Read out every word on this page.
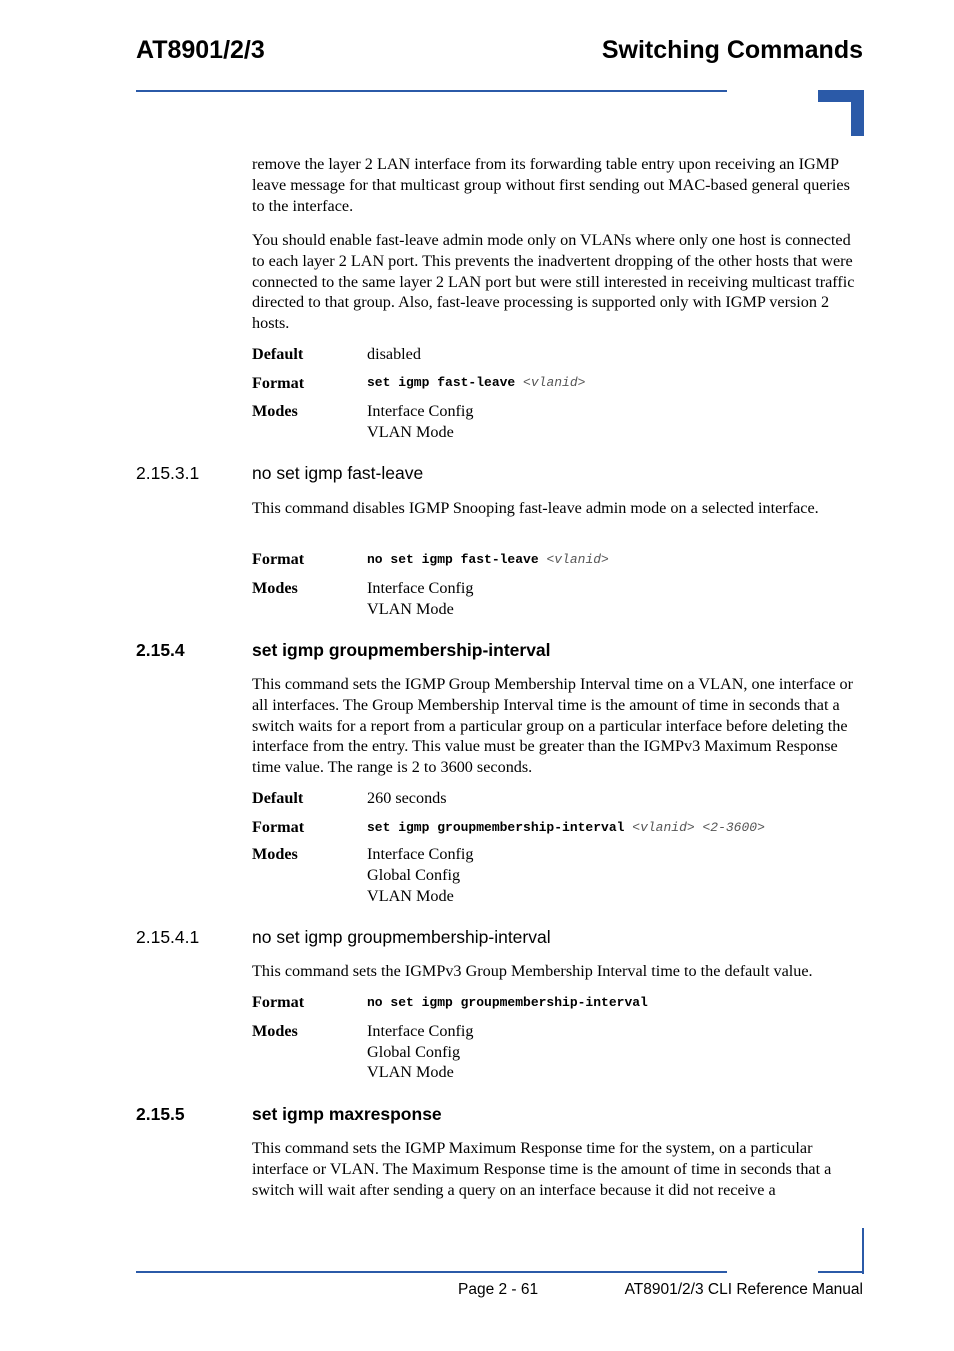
AT8901/2/3	Switching Commands

remove the layer 2 LAN interface from its forwarding table entry upon receiving an IGMP leave message for that multicast group without first sending out MAC-based general queries to the interface.

You should enable fast-leave admin mode only on VLANs where only one host is connected to each layer 2 LAN port. This prevents the inadvertent dropping of the other hosts that were connected to the same layer 2 LAN port but were still interested in receiving multicast traffic directed to that group. Also, fast-leave processing is supported only with IGMP version 2 hosts.

Default	disabled
Format	set igmp fast-leave <vlanid>
Modes	Interface Config
VLAN Mode
2.15.3.1	no set igmp fast-leave

This command disables IGMP Snooping fast-leave admin mode on a selected interface.

Format	no set igmp fast-leave <vlanid>
Modes	Interface Config
VLAN Mode
2.15.4	set igmp groupmembership-interval

This command sets the IGMP Group Membership Interval time on a VLAN, one interface or all interfaces. The Group Membership Interval time is the amount of time in seconds that a switch waits for a report from a particular group on a particular interface before deleting the interface from the entry. This value must be greater than the IGMPv3 Maximum Response time value. The range is 2 to 3600 seconds.

Default	260 seconds
Format	set igmp groupmembership-interval <vlanid> <2-3600>
Modes	Interface Config
Global Config
VLAN Mode
2.15.4.1	no set igmp groupmembership-interval

This command sets the IGMPv3 Group Membership Interval time to the default value.

Format	no set igmp groupmembership-interval
Modes	Interface Config
Global Config
VLAN Mode
2.15.5	set igmp maxresponse

This command sets the IGMP Maximum Response time for the system, on a particular interface or VLAN. The Maximum Response time is the amount of time in seconds that a switch will wait after sending a query on an interface because it did not receive a

Page 2 - 61	AT8901/2/3 CLI Reference Manual
